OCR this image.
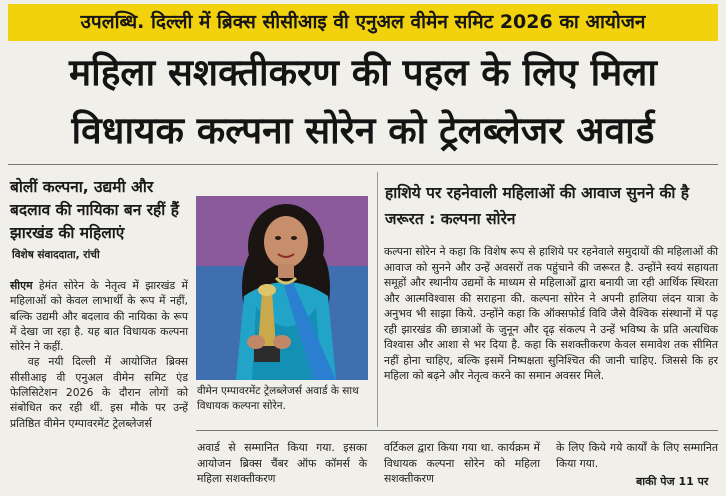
उपलब्धि. दिल्ली में ब्रिक्स सीसीआइ वी एनुअल वीमेन समिट 2026 का आयोजन
महिला सशक्तीकरण की पहल के लिए मिला
विधायक कल्पना सोरेन को ट्रेलब्लेजर अवार्ड
बोलीं कल्पना, उद्यमी और बदलाव की नायिका बन रहीं हैं झारखंड की महिलाएं
विशेष संवाददाता, रांची
सीएम हेमंत सोरेन के नेतृत्व में झारखंड में महिलाओं को केवल लाभार्थी के रूप में नहीं, बल्कि उद्यमी और बदलाव की नायिका के रूप में देखा जा रहा है. यह बात विधायक कल्पना सोरेन ने कहीं.
वह नयी दिल्ली में आयोजित ब्रिक्स सीसीआइ वी एनुअल वीमेन समिट एंड फेलिसिटेशन 2026 के दौरान लोगों को संबोधित कर रही थीं. इस मौके पर उन्हें प्रतिष्ठित वीमेन एम्पावरमेंट ट्रेलब्लेजर्स
वीमेन एम्पावरमेंट ट्रेलब्लेजर्स अवार्ड के साथ विधायक कल्पना सोरेन.
हाशिये पर रहनेवाली महिलाओं की आवाज सुनने की है जरूरत : कल्पना सोरेन
कल्पना सोरेन ने कहा कि विशेष रूप से हाशिये पर रहनेवाले समुदायों की महिलाओं की आवाज को सुनने और उन्हें अवसरों तक पहुंचाने की जरूरत है. उन्होंने स्वयं सहायता समूहों और स्थानीय उद्यमों के माध्यम से महिलाओं द्वारा बनायी जा रही आर्थिक स्थिरता और आत्मविश्वास की सराहना की. कल्पना सोरेन ने अपनी हालिया लंदन यात्रा के अनुभव भी साझा किये. उन्होंने कहा कि ऑक्सफोर्ड विवि जैसे वैश्विक संस्थानों में पढ़ रही झारखंड की छात्राओं के जुनून और दृढ़ संकल्प ने उन्हें भविष्य के प्रति अत्यधिक विश्वास और आशा से भर दिया है. कहा कि सशक्तीकरण केवल समावेश तक सीमित नहीं होना चाहिए, बल्कि इसमें निष्पक्षता सुनिश्चित की जानी चाहिए. जिससे कि हर महिला को बढ़ने और नेतृत्व करने का समान अवसर मिले.
अवार्ड से सम्मानित किया गया. इसका आयोजन ब्रिक्स चैंबर ऑफ कॉमर्स के महिला सशक्तीकरण
वर्टिकल द्वारा किया गया था. कार्यक्रम में विधायक कल्पना सोरेन को महिला सशक्तीकरण
के लिए किये गये कार्यों के लिए सम्मानित किया गया.
बाकी पेज 11 पर
